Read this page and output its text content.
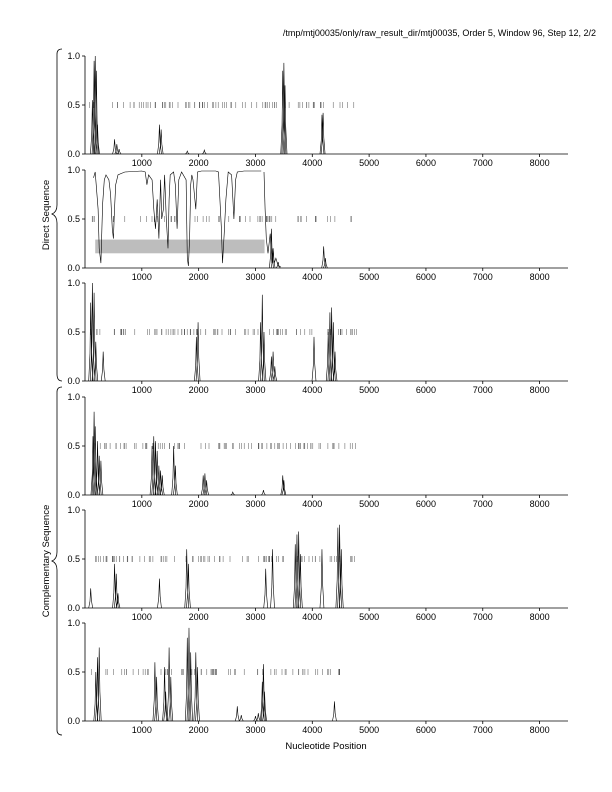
/tmp/mtj00035/only/raw_result_dir/mtj00035, Order 5, Window 96, Step 12, 2/2
Direct Sequence
Complementary Sequence
0.0
0.5
1.0
1000	2000	3000	4000	5000	6000	7000	8000
0.0
0.5
1.0
1000	2000	3000	4000	5000	6000	7000	8000
0.0
0.5
1.0
1000	2000	3000	4000	5000	6000	7000	8000
0.0
0.5
1.0
1000	2000	3000	4000	5000	6000	7000	8000
0.0
0.5
1.0
1000	2000	3000	4000	5000	6000	7000	8000
0.0
0.5
1.0
1000	2000	3000	4000	5000	6000	7000	8000
Nucleotide Position
